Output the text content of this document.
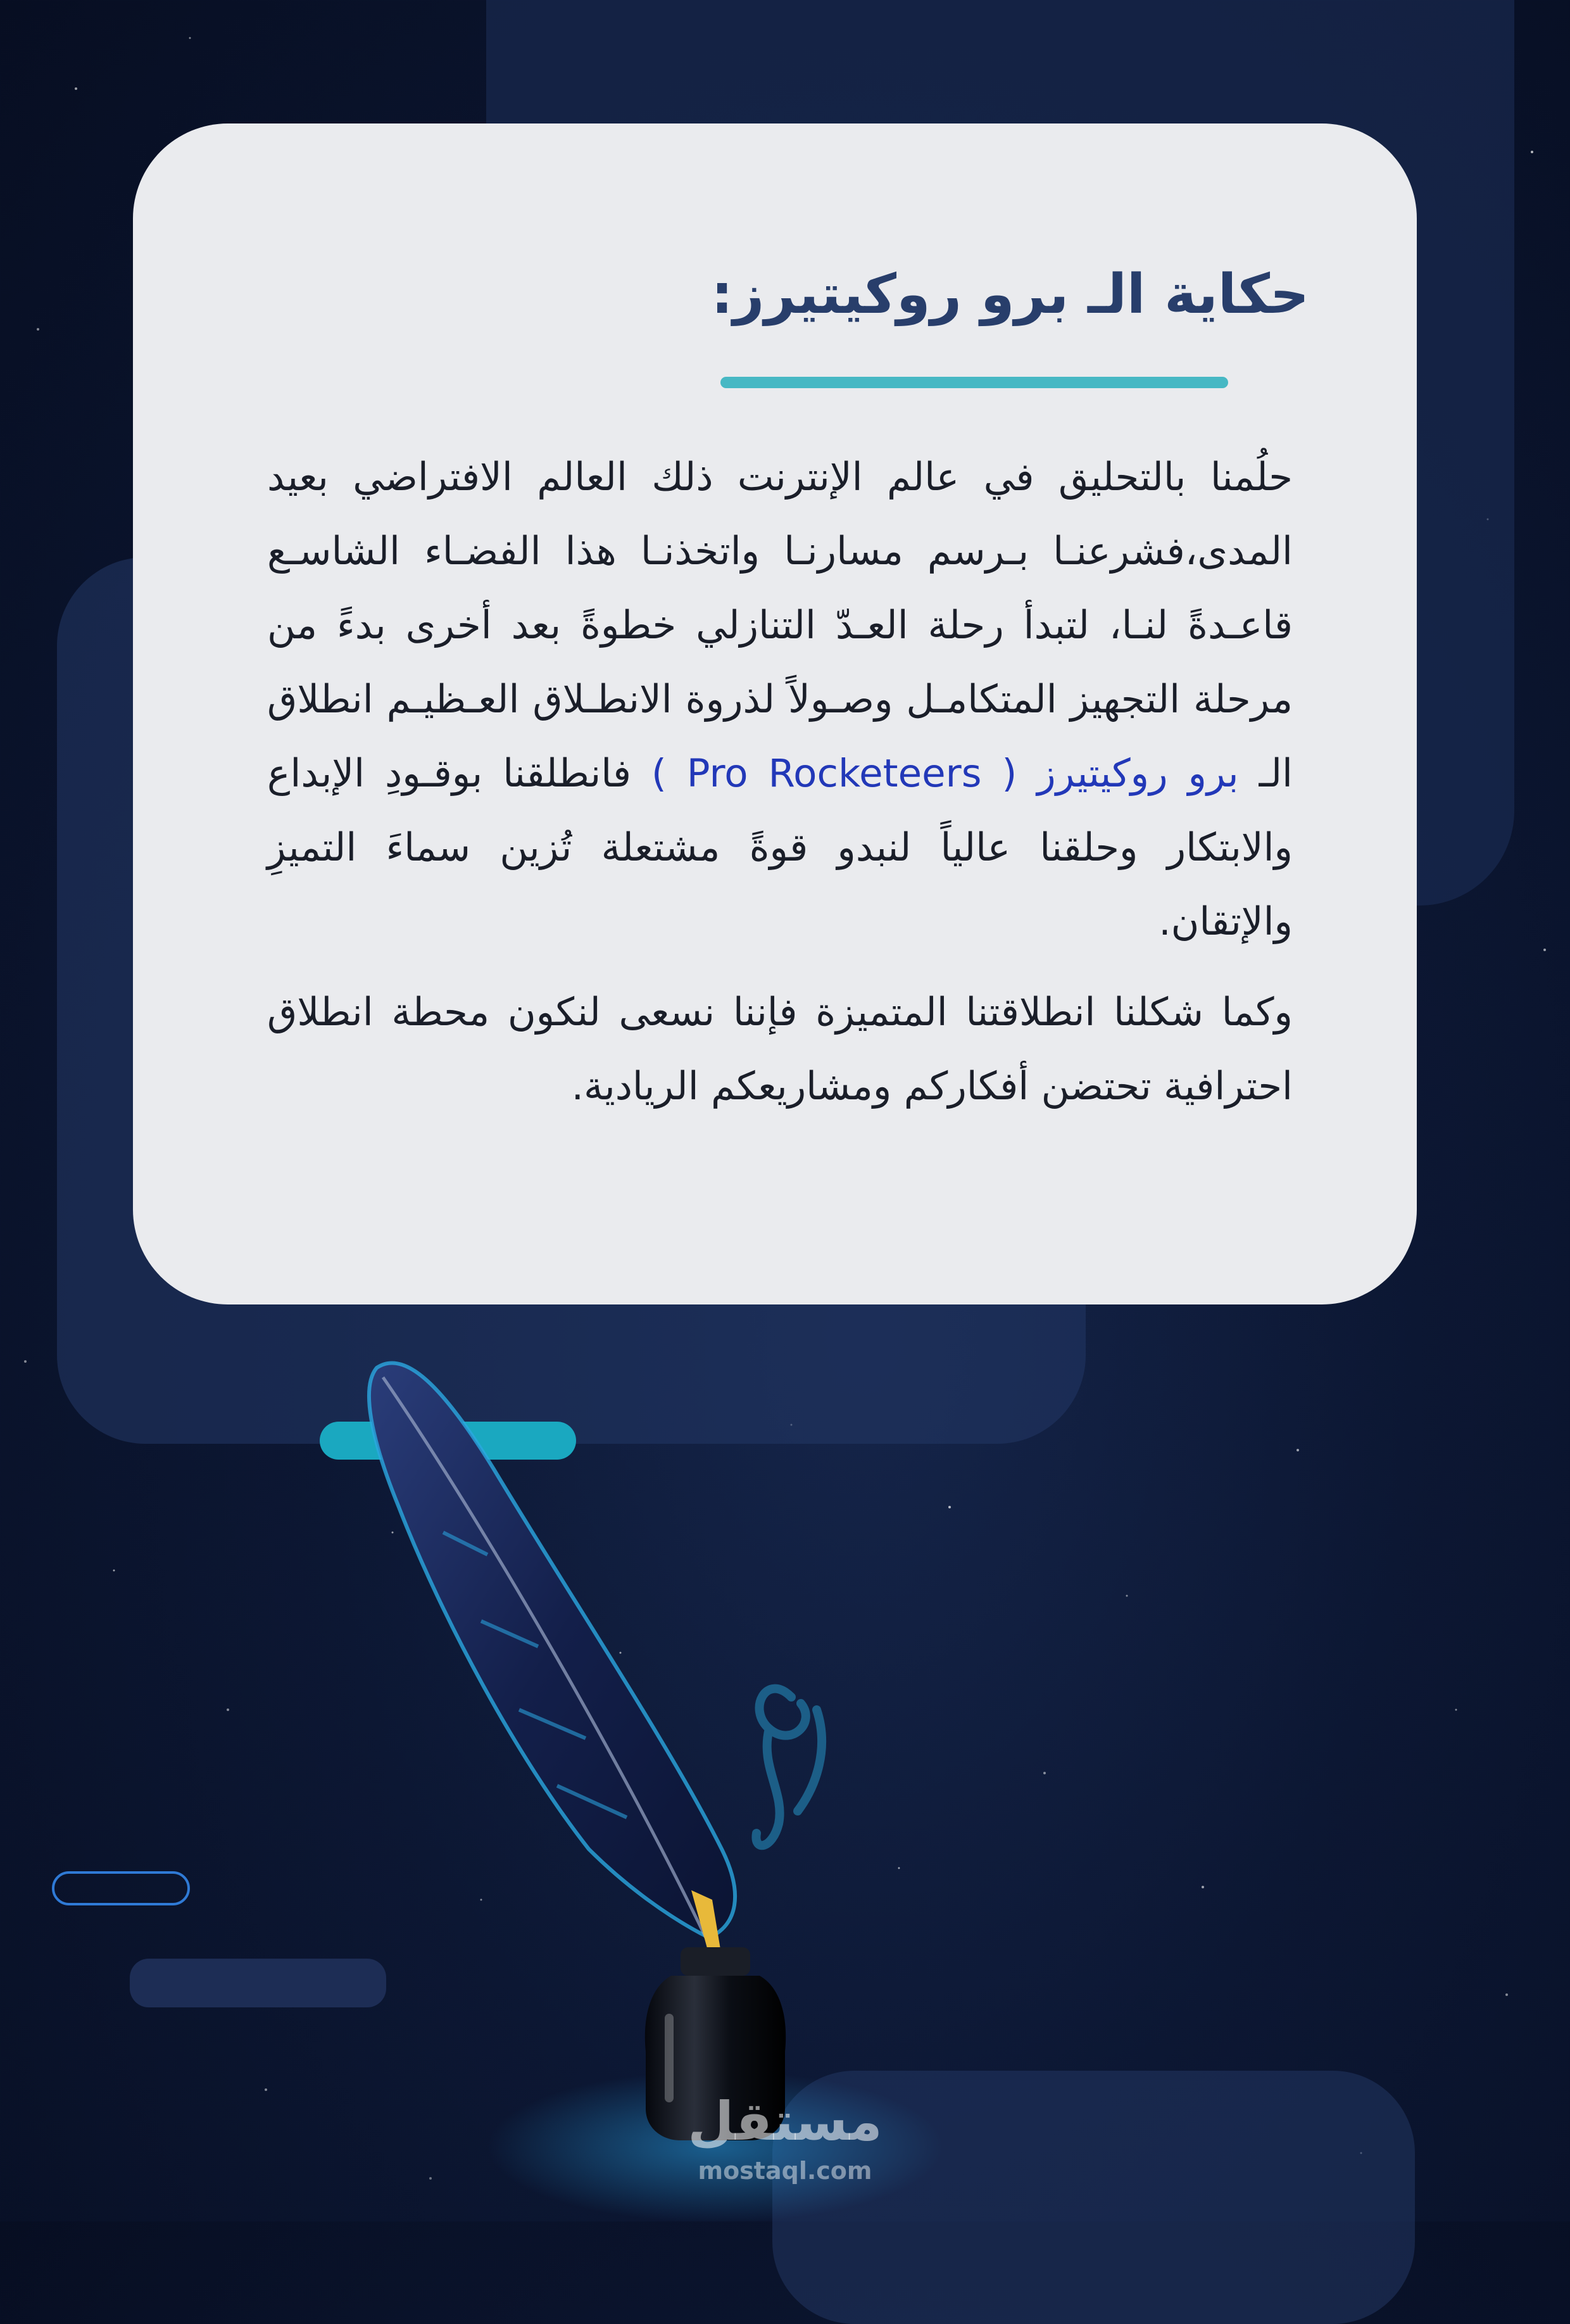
حكاية الـ برو روكيتيرز:

حلُمنا بالتحليق في عالم الإنترنت ذلك العالم الافتراضي بعيد المدى،فشرعنـا بـرسم مسارنـا واتخذنـا هذا الفضـاء الشاسـع قاعـدةً لنـا، لتبدأ رحلة العـدّ التنازلي خطوةً بعد أخرى بدءً من مرحلة التجهيز المتكامـل وصـولاً لذروة الانطـلاق العـظيـم انطلاق الـ برو روكيتيرز ( Pro Rocketeers ) فانطلقنا بوقـودِ الإبداع والابتكار وحلقنا عالياً لنبدو قوةً مشتعلة تُزين سماءَ التميزِ والإتقان.

وكما شكلنا انطلاقتنا المتميزة فإننا نسعى لنكون محطة انطلاق احترافية تحتضن أفكاركم ومشاريعكم الريادية.

مستقل
mostaql.com
